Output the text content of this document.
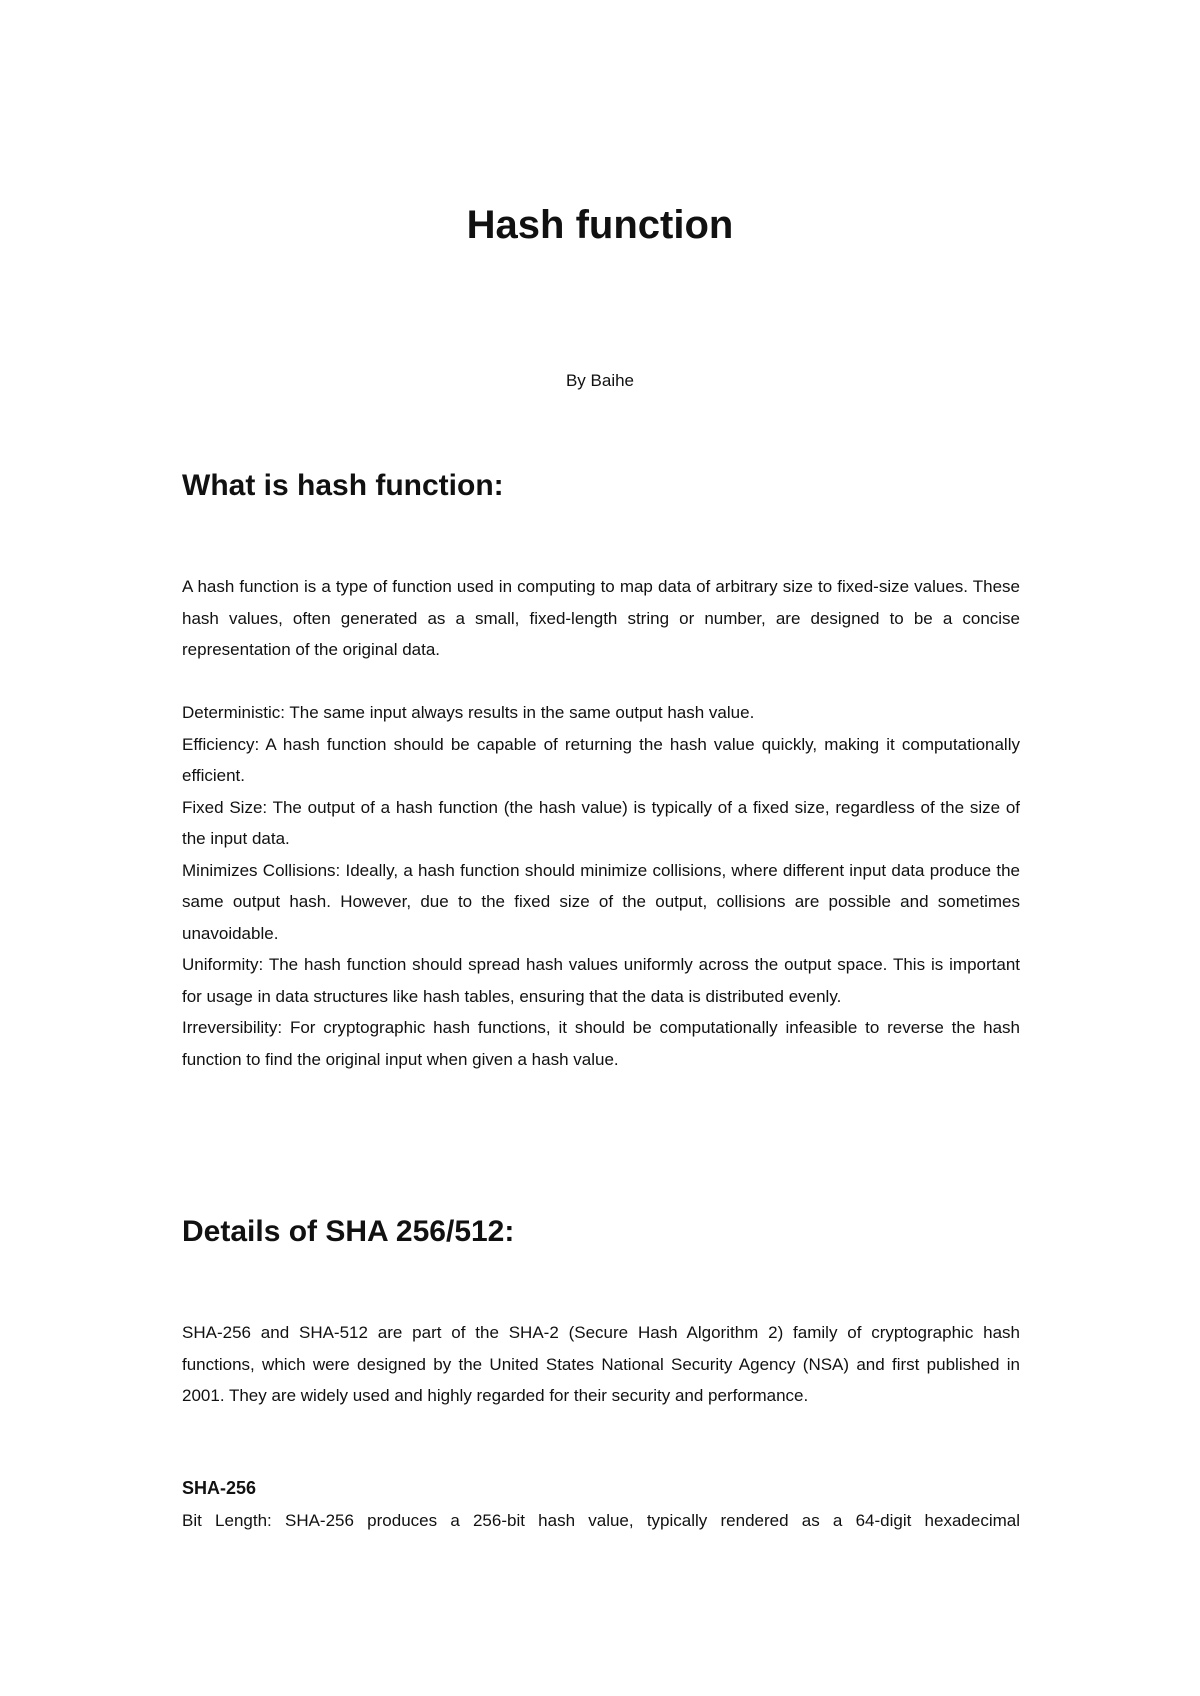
Hash function
By Baihe
What is hash function:

A hash function is a type of function used in computing to map data of arbitrary size to fixed-size values. These hash values, often generated as a small, fixed-length string or number, are designed to be a concise representation of the original data.

Deterministic: The same input always results in the same output hash value.

Efficiency: A hash function should be capable of returning the hash value quickly, making it computationally efficient.

Fixed Size: The output of a hash function (the hash value) is typically of a fixed size, regardless of the size of the input data.

Minimizes Collisions: Ideally, a hash function should minimize collisions, where different input data produce the same output hash. However, due to the fixed size of the output, collisions are possible and sometimes unavoidable.

Uniformity: The hash function should spread hash values uniformly across the output space. This is important for usage in data structures like hash tables, ensuring that the data is distributed evenly.

Irreversibility: For cryptographic hash functions, it should be computationally infeasible to reverse the hash function to find the original input when given a hash value.

Details of SHA 256/512:

SHA-256 and SHA-512 are part of the SHA-2 (Secure Hash Algorithm 2) family of cryptographic hash functions, which were designed by the United States National Security Agency (NSA) and first published in 2001. They are widely used and highly regarded for their security and performance.

SHA-256

Bit Length: SHA-256 produces a 256-bit hash value, typically rendered as a 64-digit hexadecimal
